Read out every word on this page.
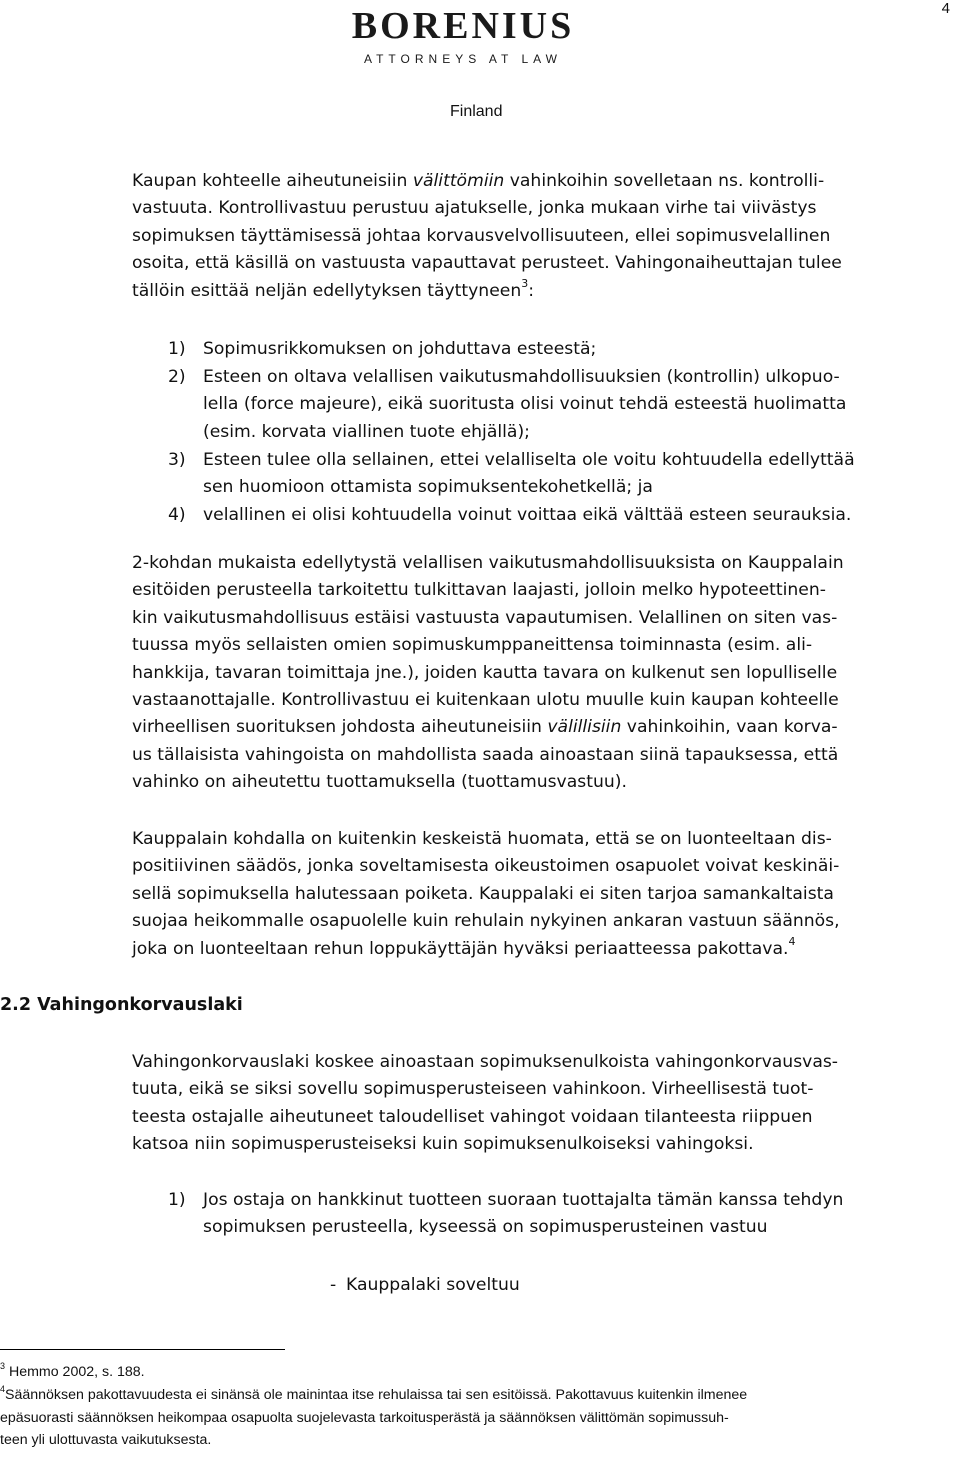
4
BORENIUS
ATTORNEYS AT LAW
Finland
Kaupan kohteelle aiheutuneisiin välittömiin vahinkoihin sovelletaan ns. kontrolli-
vastuuta. Kontrollivastuu perustuu ajatukselle, jonka mukaan virhe tai viivästys
sopimuksen täyttämisessä johtaa korvausvelvollisuuteen, ellei sopimusvelallinen
osoita, että käsillä on vastuusta vapauttavat perusteet. Vahingonaiheuttajan tulee
tällöin esittää neljän edellytyksen täyttyneen$^3$:
1) Sopimusrikkomuksen on johduttava esteestä;
2) Esteen on oltava velallisen vaikutusmahdollisuuksien (kontrollin) ulkopuo-
lella (force majeure), eikä suoritusta olisi voinut tehdä esteestä huolimatta
(esim. korvata viallinen tuote ehjällä);
3) Esteen tulee olla sellainen, ettei velalliselta ole voitu kohtuudella edellyttää
sen huomioon ottamista sopimuksentekohetkellä; ja
4) velallinen ei olisi kohtuudella voinut voittaa eikä välttää esteen seurauksia.
2-kohdan mukaista edellytystä velallisen vaikutusmahdollisuuksista on Kauppalain
esitöiden perusteella tarkoitettu tulkittavan laajasti, jolloin melko hypoteettinen-
kin vaikutusmahdollisuus estäisi vastuusta vapautumisen. Velallinen on siten vas-
tuussa myös sellaisten omien sopimuskumppaneittensa toiminnasta (esim. ali-
hankkija, tavaran toimittaja jne.), joiden kautta tavara on kulkenut sen lopulliselle
vastaanottajalle. Kontrollivastuu ei kuitenkaan ulotu muulle kuin kaupan kohteelle
virheellisen suorituksen johdosta aiheutuneisiin välillisiin vahinkoihin, vaan korva-
us tällaisista vahingoista on mahdollista saada ainoastaan siinä tapauksessa, että
vahinko on aiheutettu tuottamuksella (tuottamusvastuu).
Kauppalain kohdalla on kuitenkin keskeistä huomata, että se on luonteeltaan dis-
positiivinen säädös, jonka soveltamisesta oikeustoimen osapuolet voivat keskinäi-
sellä sopimuksella halutessaan poiketa. Kauppalaki ei siten tarjoa samankaltaista
suojaa heikommalle osapuolelle kuin rehulain nykyinen ankaran vastuun säännös,
joka on luonteeltaan rehun loppukäyttäjän hyväksi periaatteessa pakottava.$^4$
2.2 Vahingonkorvauslaki
Vahingonkorvauslaki koskee ainoastaan sopimuksenulkoista vahingonkorvausvas-
tuuta, eikä se siksi sovellu sopimusperusteiseen vahinkoon. Virheellisestä tuot-
teesta ostajalle aiheutuneet taloudelliset vahingot voidaan tilanteesta riippuen
katsoa niin sopimusperusteiseksi kuin sopimuksenulkoiseksi vahingoksi.
1) Jos ostaja on hankkinut tuotteen suoraan tuottajalta tämän kanssa tehdyn
sopimuksen perusteella, kyseessä on sopimusperusteinen vastuu
- Kauppalaki soveltuu
$^3$ Hemmo 2002, s. 188.
$^4$Säännöksen pakottavuudesta ei sinänsä ole mainintaa itse rehulaissa tai sen esitöissä. Pakottavuus kuitenkin ilmenee
epäsuorasti säännöksen heikompaa osapuolta suojelevasta tarkoitusperästä ja säännöksen välittömän sopimussuh-
teen yli ulottuvasta vaikutuksesta.
